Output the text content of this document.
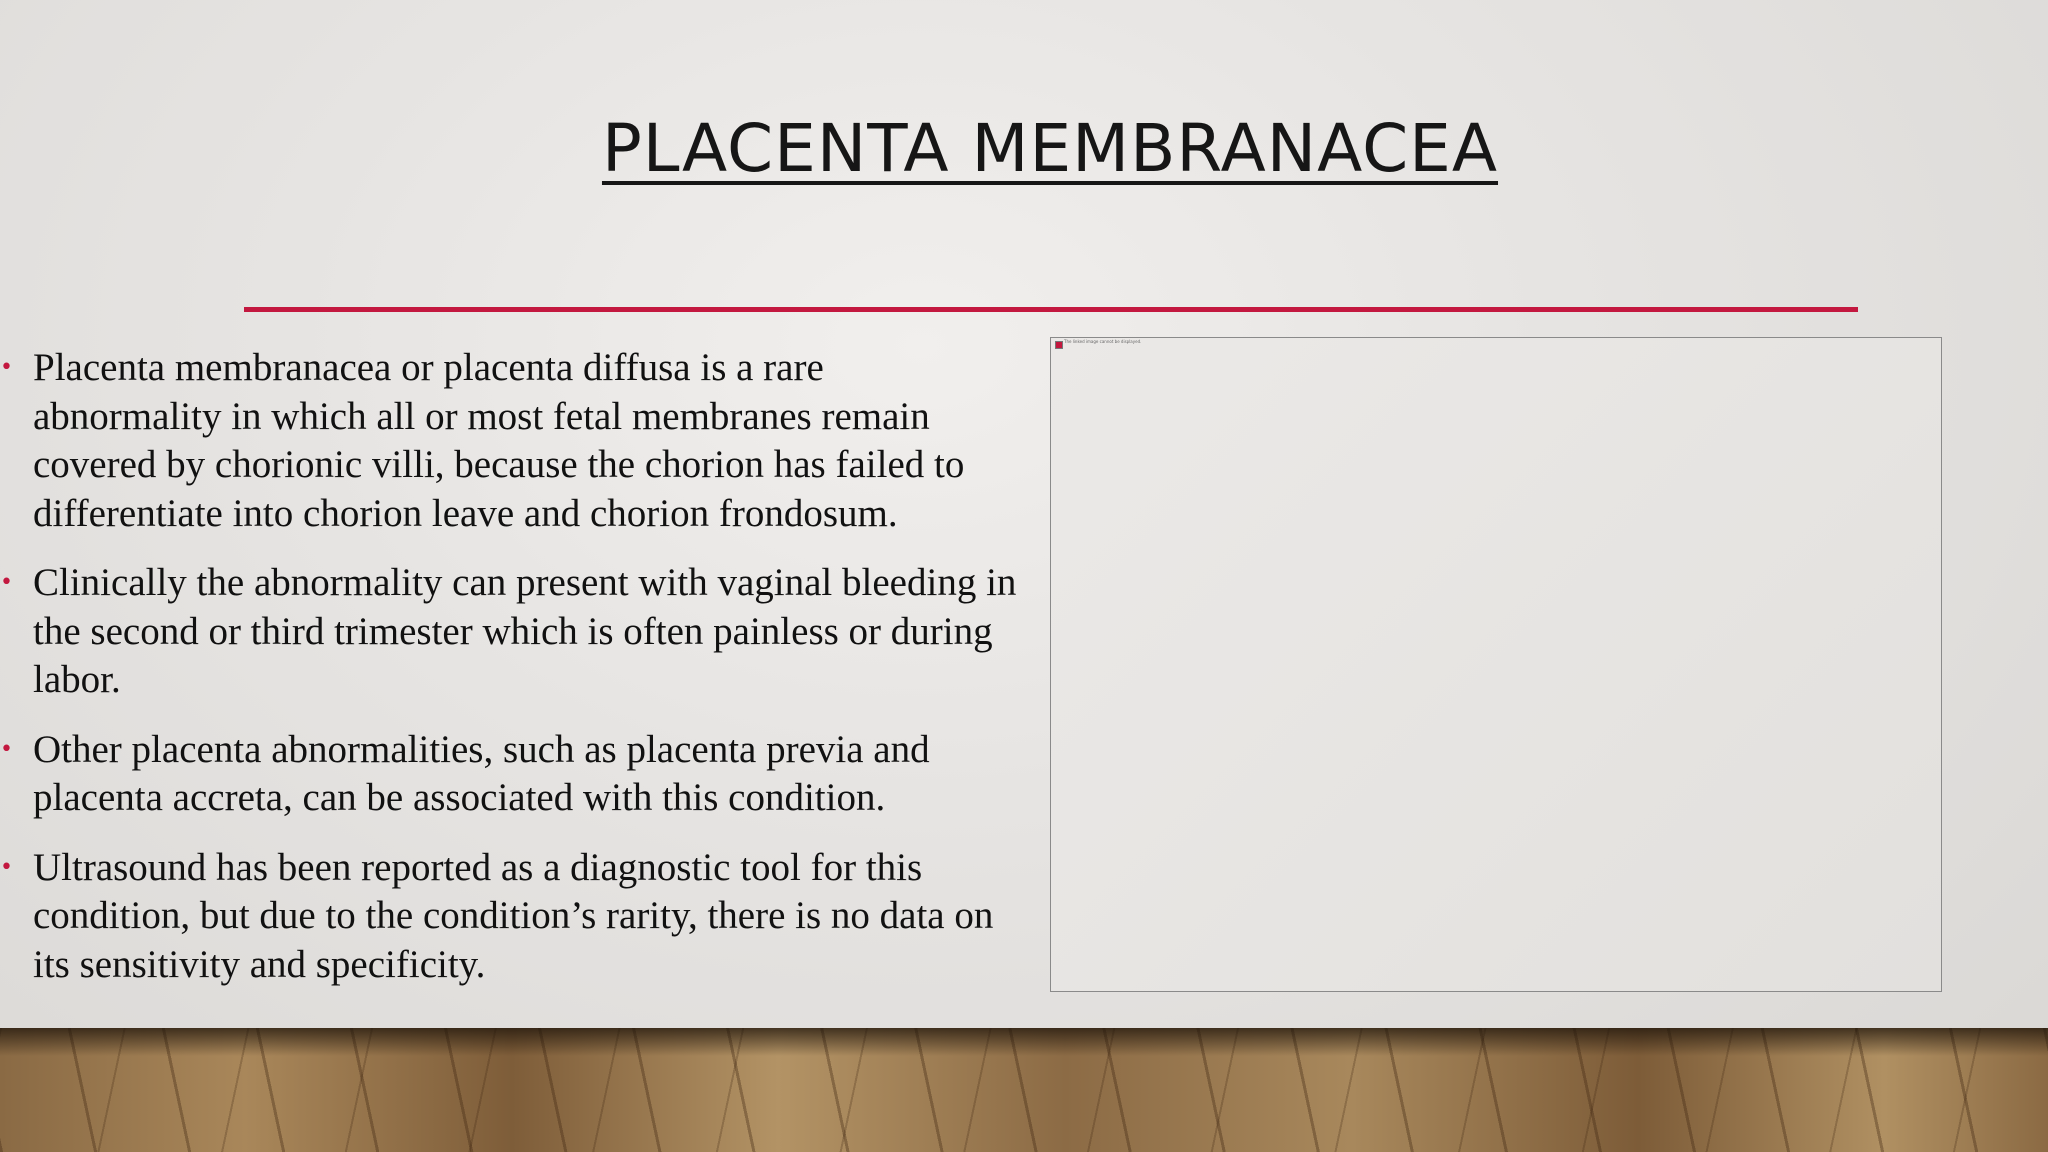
PLACENTA MEMBRANACEA
• Placenta membranacea or placenta diffusa is a rare abnormality in which all or most fetal membranes remain covered by chorionic villi, because the chorion has failed to differentiate into chorion leave and chorion frondosum.
• Clinically the abnormality can present with vaginal bleeding in the second or third trimester which is often painless or during labor.
• Other placenta abnormalities, such as placenta previa and placenta accreta, can be associated with this condition.
• Ultrasound has been reported as a diagnostic tool for this condition, but due to the condition’s rarity, there is no data on its sensitivity and specificity.
The linked image cannot be displayed.
